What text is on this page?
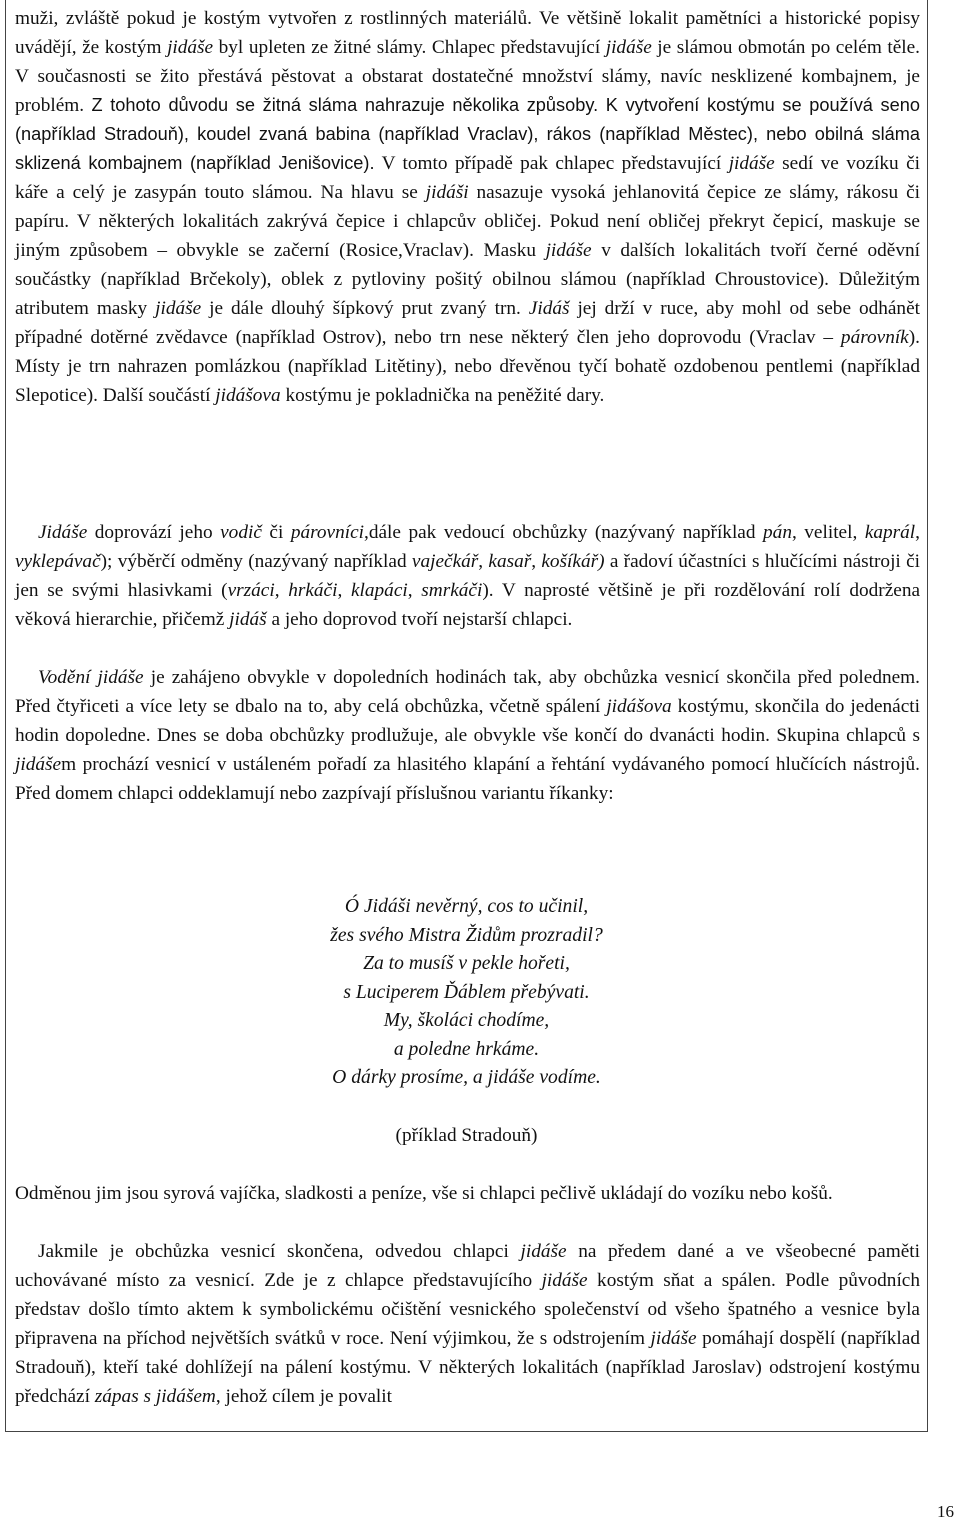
muži, zvláště pokud je kostým vytvořen z rostlinných materiálů. Ve většině lokalit pamětníci a historické popisy uvádějí, že kostým jidáše byl upleten ze žitné slámy. Chlapec představující jidáše je slámou obmotán po celém těle. V současnosti se žito přestává pěstovat a obstarat dostatečné množství slámy, navíc nesklizené kombajnem, je problém. Z tohoto důvodu se žitná sláma nahrazuje několika způsoby. K vytvoření kostýmu se používá seno (například Stradouň), koudel zvaná babina (například Vraclav), rákos (například Městec), nebo obilná sláma sklizená kombajnem (například Jenišovice). V tomto případě pak chlapec představující jidáše sedí ve vozíku či káře a celý je zasypán touto slámou. Na hlavu se jidáši nasazuje vysoká jehlanovitá čepice ze slámy, rákosu či papíru. V některých lokalitách zakrývá čepice i chlapcův obličej. Pokud není obličej překryt čepicí, maskuje se jiným způsobem – obvykle se začerní (Rosice,Vraclav). Masku jidáše v dalších lokalitách tvoří černé oděvní součástky (například Brčekoly), oblek z pytloviny pošitý obilnou slámou (například Chroustovice). Důležitým atributem masky jidáše je dále dlouhý šípkový prut zvaný trn. Jidáš jej drží v ruce, aby mohl od sebe odhánět případné dotěrné zvědavce (například Ostrov), nebo trn nese některý člen jeho doprovodu (Vraclav – párovník). Místy je trn nahrazen pomlázkou (například Litětiny), nebo dřevěnou tyčí bohatě ozdobenou pentlemi (například Slepotice). Další součástí jidášova kostýmu je pokladnička na peněžité dary.

Jidáše doprovází jeho vodič či párovníci,dále pak vedoucí obchůzky (nazývaný například pán, velitel, kaprál, vyklepávač); výběrčí odměny (nazývaný například vaječkář, kasař, košíkář) a řadoví účastníci s hlučícími nástroji či jen se svými hlasivkami (vrzáci, hrkáči, klapáci, smrkáči). V naprosté většině je při rozdělování rolí dodržena věková hierarchie, přičemž jidáš a jeho doprovod tvoří nejstarší chlapci.

Vodění jidáše je zahájeno obvykle v dopoledních hodinách tak, aby obchůzka vesnicí skončila před polednem. Před čtyřiceti a více lety se dbalo na to, aby celá obchůzka, včetně spálení jidášova kostýmu, skončila do jedenácti hodin dopoledne. Dnes se doba obchůzky prodlužuje, ale obvykle vše končí do dvanácti hodin. Skupina chlapců s jidášem prochází vesnicí v ustáleném pořadí za hlasitého klapání a řehtání vydávaného pomocí hlučících nástrojů. Před domem chlapci oddeklamují nebo zazpívají příslušnou variantu říkanky:

Ó Jidáši nevěrný, cos to učinil,
žes svého Mistra Židům prozradil?
Za to musíš v pekle hořeti,
s Luciperem Ďáblem přebývati.
My, školáci chodíme,
a poledne hrkáme.
O dárky prosíme, a jidáše vodíme.
(příklad Stradouň)

Odměnou jim jsou syrová vajíčka, sladkosti a peníze, vše si chlapci pečlivě ukládají do vozíku nebo košů.

Jakmile je obchůzka vesnicí skončena, odvedou chlapci jidáše na předem dané a ve všeobecné paměti uchovávané místo za vesnicí. Zde je z chlapce představujícího jidáše kostým sňat a spálen. Podle původních představ došlo tímto aktem k symbolickému očištění vesnického společenství od všeho špatného a vesnice byla připravena na příchod největších svátků v roce. Není výjimkou, že s odstrojením jidáše pomáhají dospělí (například Stradouň), kteří také dohlížejí na pálení kostýmu. V některých lokalitách (například Jaroslav) odstrojení kostýmu předchází zápas s jidášem, jehož cílem je povalit

16
